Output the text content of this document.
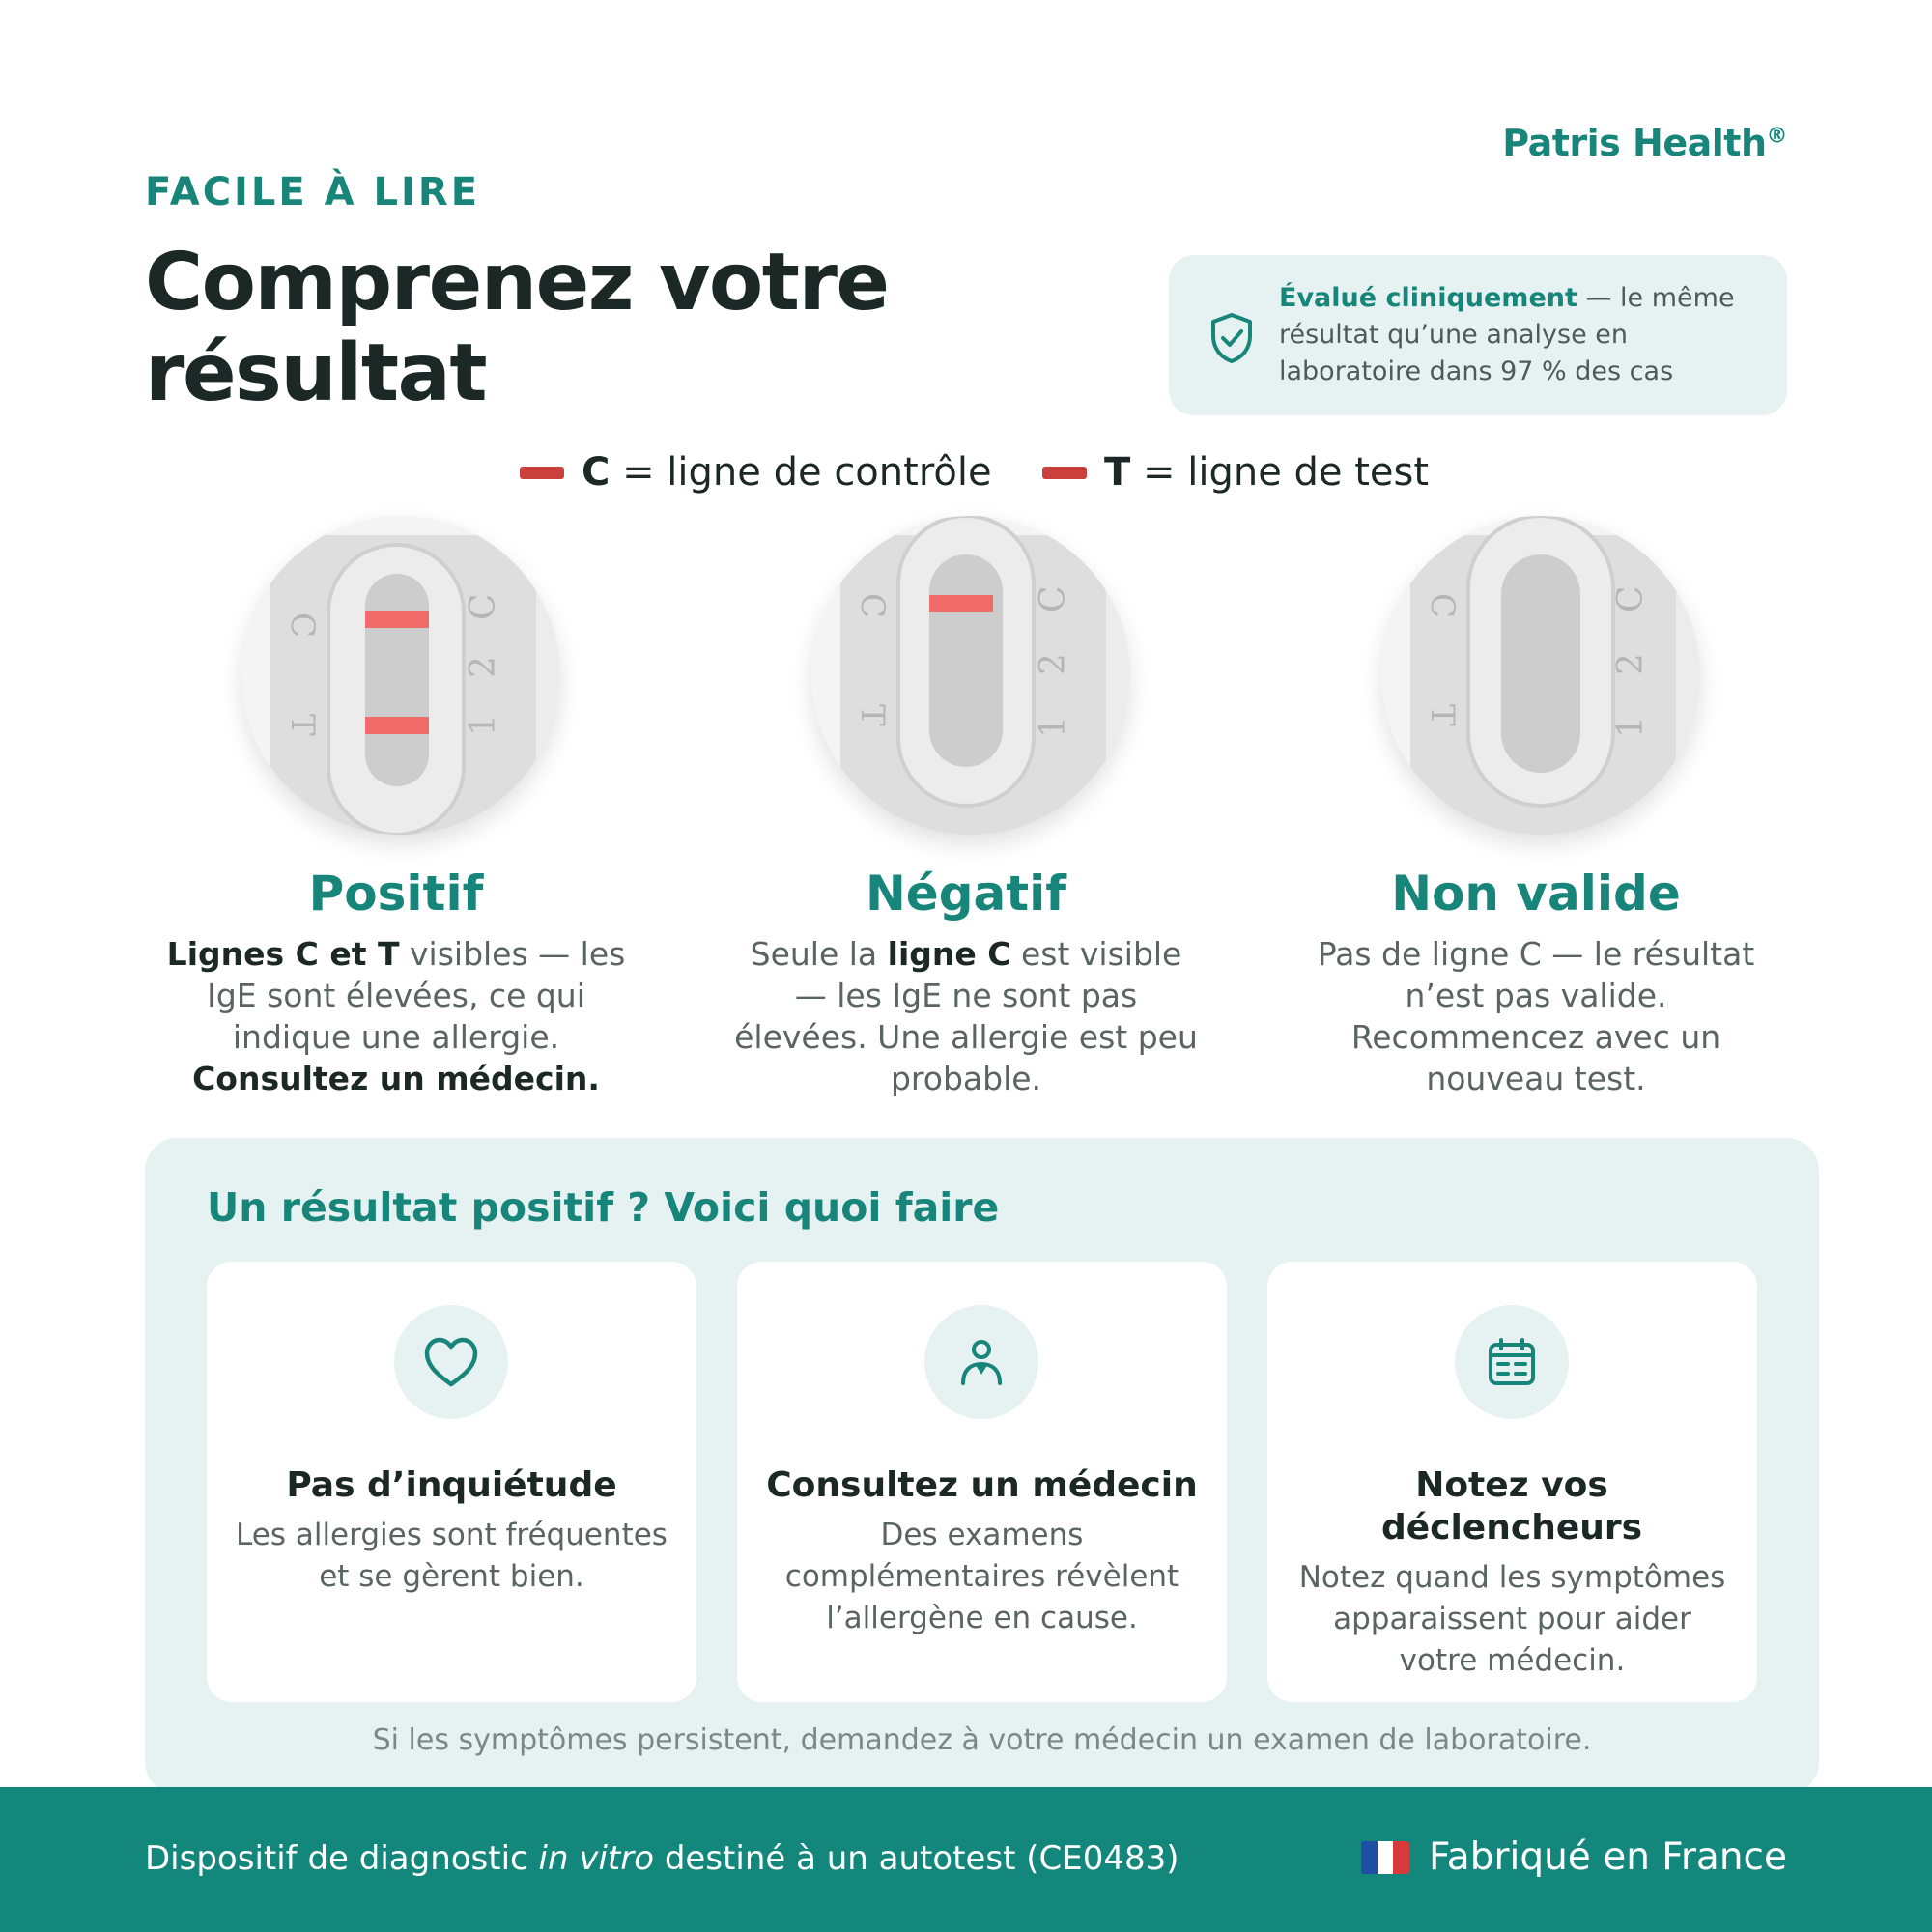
Patris Health®
FACILE À LIRE
Comprenez votre
résultat
Évalué cliniquement — le même résultat qu’une analyse en laboratoire dans 97 % des cas
C = ligne de contrôle	T = ligne de test
C
T
C
2
1
Positif

Lignes C et T visibles — les IgE sont élevées, ce qui indique une allergie. Consultez un médecin.

C
T
C
2
1
Négatif

Seule la ligne C est visible — les IgE ne sont pas élevées. Une allergie est peu probable.

C
T
C
2
1
Non valide

Pas de ligne C — le résultat n’est pas valide. Recommencez avec un nouveau test.

Un résultat positif ? Voici quoi faire
Pas d’inquiétude

Les allergies sont fréquentes et se gèrent bien.

Consultez un médecin

Des examens complémentaires révèlent l’allergène en cause.

Notez vos déclencheurs

Notez quand les symptômes apparaissent pour aider votre médecin.

Si les symptômes persistent, demandez à votre médecin un examen de laboratoire.
Dispositif de diagnostic in vitro destiné à un autotest (CE0483)	Fabriqué en France
